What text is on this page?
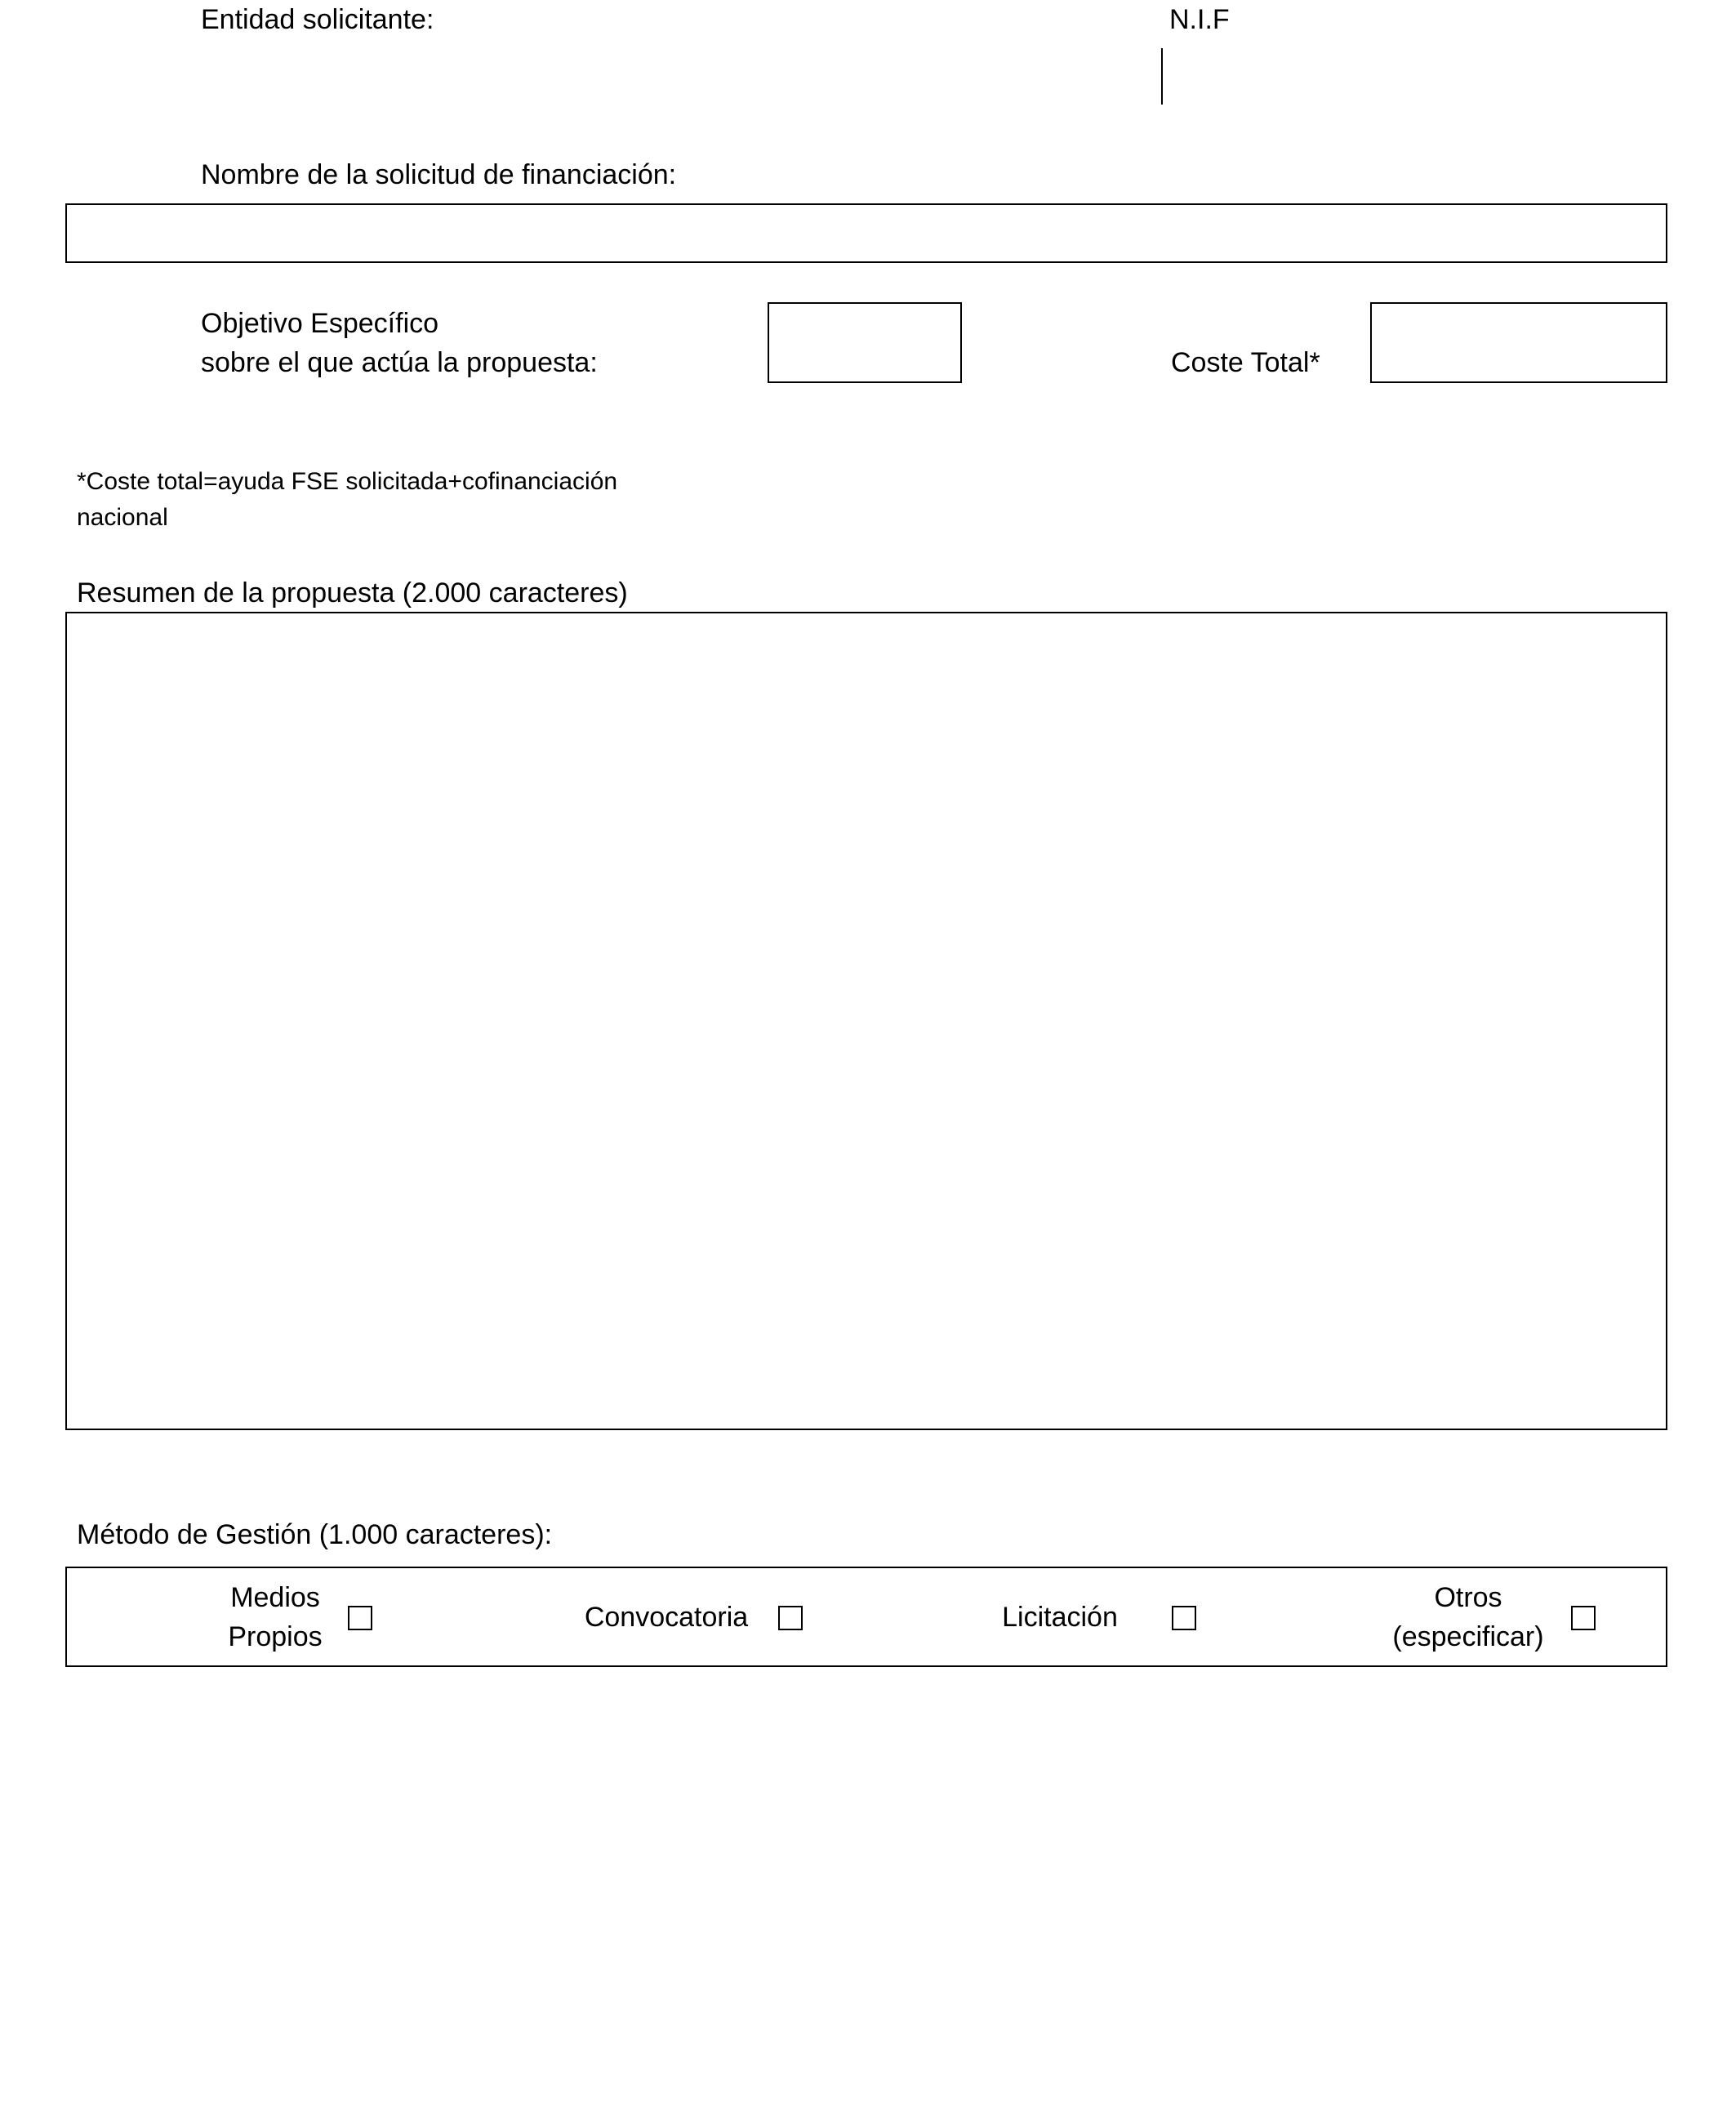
Entidad solicitante:	N.I.F
Nombre de la solicitud de financiación:
Objetivo Específico
sobre el que actúa la propuesta:	Coste Total*
*Coste total=ayuda FSE solicitada+cofinanciación
nacional
Resumen de la propuesta (2.000 caracteres)
Método de Gestión (1.000 caracteres):
Medios
Propios
Convocatoria	Licitación
Otros
(especificar)
